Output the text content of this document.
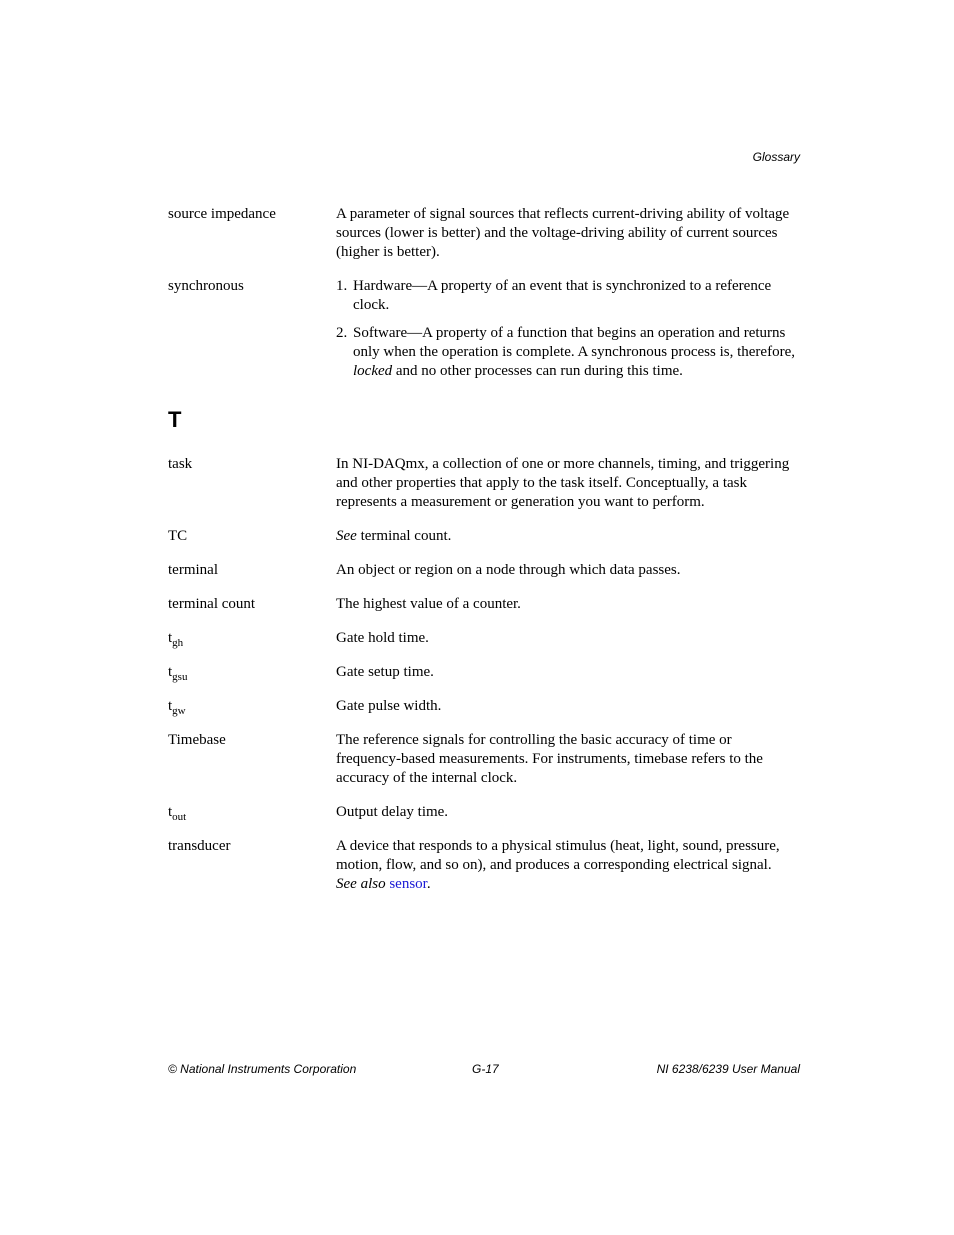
Glossary
source impedance	A parameter of signal sources that reflects current-driving ability of voltage sources (lower is better) and the voltage-driving ability of current sources (higher is better).
synchronous	1. Hardware—A property of an event that is synchronized to a reference clock.
2. Software—A property of a function that begins an operation and returns only when the operation is complete. A synchronous process is, therefore, locked and no other processes can run during this time.
T
task	In NI-DAQmx, a collection of one or more channels, timing, and triggering and other properties that apply to the task itself. Conceptually, a task represents a measurement or generation you want to perform.
TC	See terminal count.
terminal	An object or region on a node through which data passes.
terminal count	The highest value of a counter.
$t_{gh}$	Gate hold time.
$t_{gsu}$	Gate setup time.
$t_{gw}$	Gate pulse width.
Timebase	The reference signals for controlling the basic accuracy of time or frequency-based measurements. For instruments, timebase refers to the accuracy of the internal clock.
$t_{out}$	Output delay time.
transducer	A device that responds to a physical stimulus (heat, light, sound, pressure, motion, flow, and so on), and produces a corresponding electrical signal.
See also sensor.
© National Instruments Corporation	G-17	NI 6238/6239 User Manual
